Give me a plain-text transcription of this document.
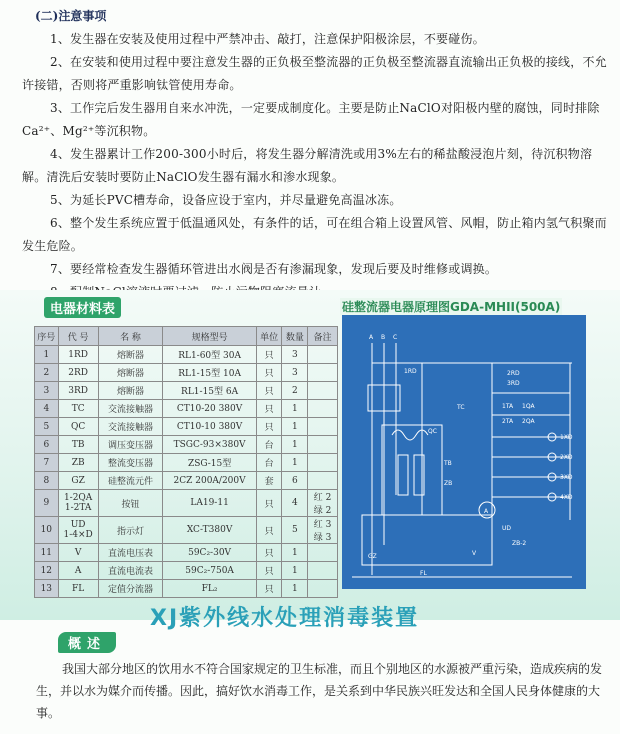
(二)注意事项

1、发生器在安装及使用过程中严禁冲击、敲打，注意保护阳极涂层，不要碰伤。

2、在安装和使用过程中要注意发生器的正负极至整流器的正负极至整流器直流输出正负极的接线，不允许接错，否则将严重影响钛管使用寿命。

3、工作完后发生器用自来水冲洗，一定要成制度化。主要是防止NaClO对阳极内壁的腐蚀，同时排除Ca²⁺、Mg²⁺等沉积物。

4、发生器累计工作200-300小时后，将发生器分解清洗或用3%左右的稀盐酸浸泡片刻，待沉积物溶解。清洗后安装时要防止NaClO发生器有漏水和渗水现象。

5、为延长PVC槽寿命，设备应设于室内，并尽量避免高温冰冻。

6、整个发生系统应置于低温通风处，有条件的话，可在组合箱上设置风管、风帽，防止箱内氢气积聚而发生危险。

7、要经常检查发生器循环管进出水阀是否有渗漏现象，发现后要及时维修或调换。

电器材料表	硅整流器电器原理图GDA-MHII(500A)
序号	代 号	名 称	规格型号	单位	数量	备注
1	1RD	熔断器	RL1-60型 30A	只	3	
2	2RD	熔断器	RL1-15型 10A	只	3	
3	3RD	熔断器	RL1-15型 6A	只	2	
4	TC	交流接触器	CT10-20 380V	只	1	
5	QC	交流接触器	CT10-10 380V	只	1	
6	TB	调压变压器	TSGC-93×380V	台	1	
7	ZB	整流变压器	ZSG-15型	台	1	
8	GZ	硅整流元件	2CZ 200A/200V	套	6	
9	1-2QA
1-2TA	按钮	LA19-11	只	4	红 2
绿 2
10	UD
1-4×D	指示灯	XC-T380V	只	5	红 3
绿 3
11	V	直流电压表	59C₂-30V	只	1	
12	A	直流电流表	59C₂-750A	只	1	
13	FL	定值分流器	FL₂	只	1	
A B C
1RD	2RD
3RD
TC	1QA
2QA
1TA
2TA
1XD
2XD
3XD
4XD
QC
TB
ZB
GZ	V
A
FL
UD
ZB-2
XJ紫外线水处理消毒装置
概述

我国大部分地区的饮用水不符合国家规定的卫生标准，而且个别地区的水源被严重污染，造成疾病的发生，并以水为媒介而传播。因此，搞好饮水消毒工作，是关系到中华民族兴旺发达和全国人民身体健康的大事。
